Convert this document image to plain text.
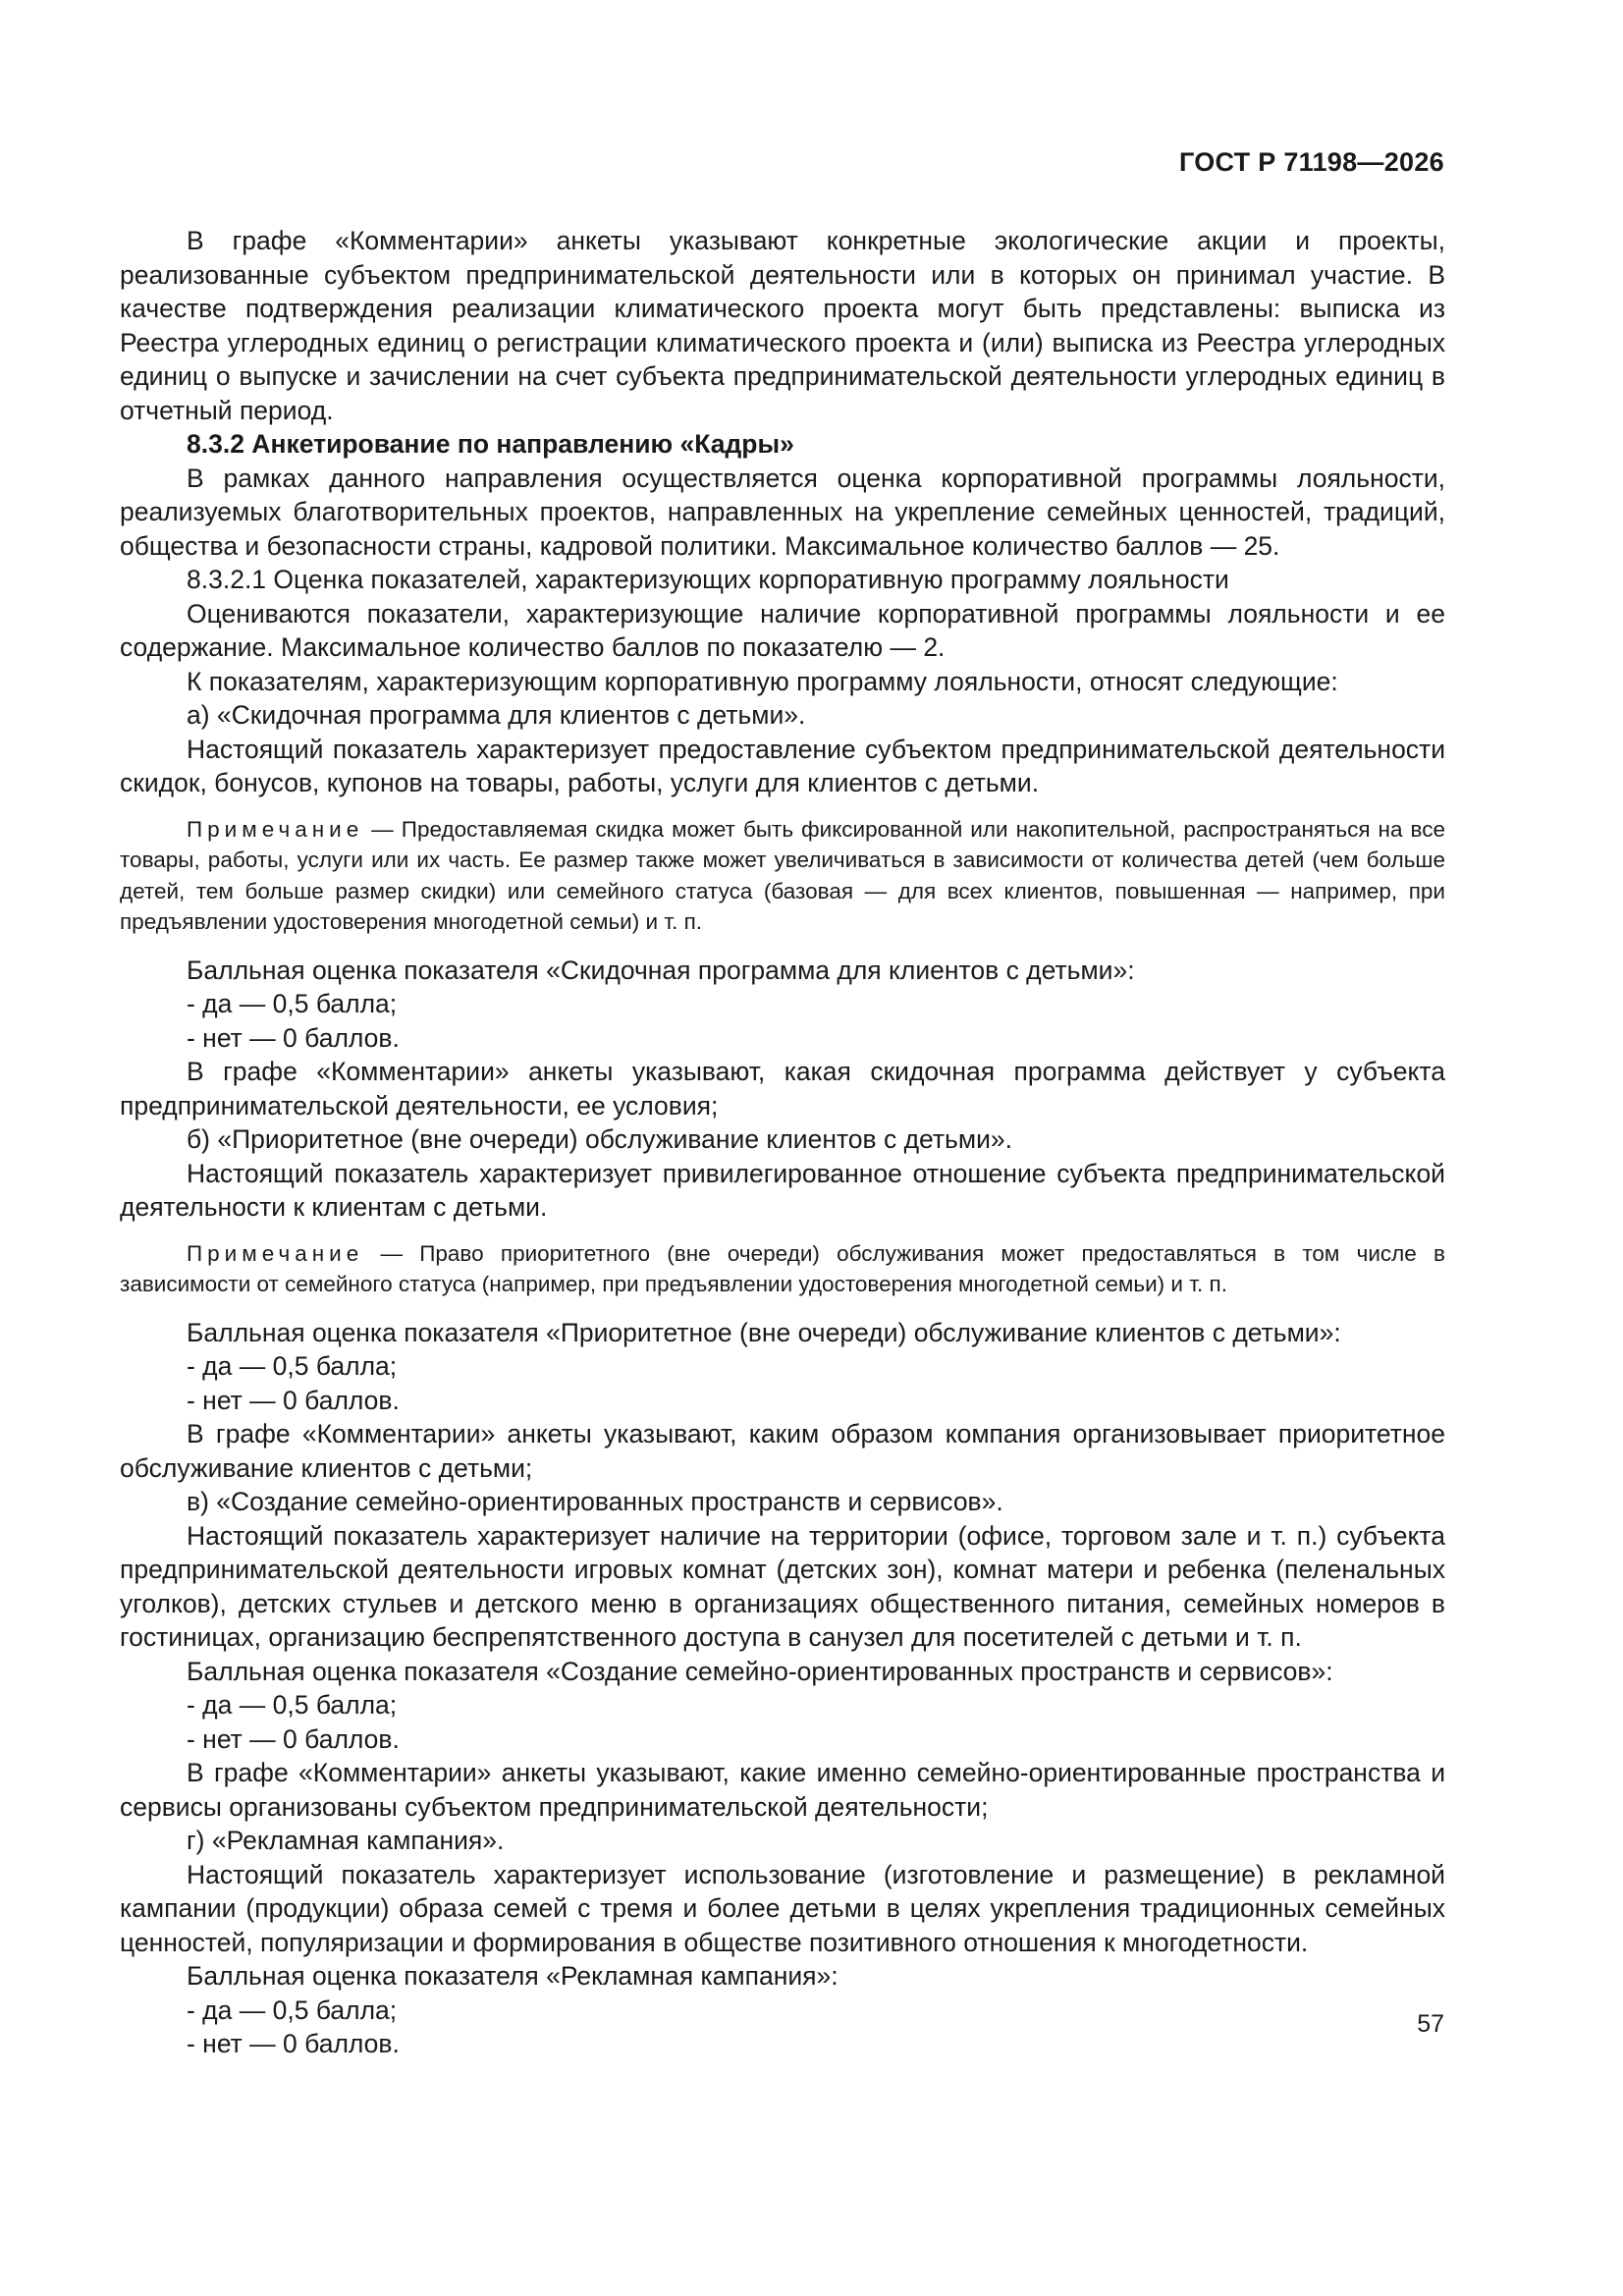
ГОСТ Р 71198—2026

В графе «Комментарии» анкеты указывают конкретные экологические акции и проекты, реализованные субъектом предпринимательской деятельности или в которых он принимал участие. В качестве подтверждения реализации климатического проекта могут быть представлены: выписка из Реестра углеродных единиц о регистрации климатического проекта и (или) выписка из Реестра углеродных единиц о выпуске и зачислении на счет субъекта предпринимательской деятельности углеродных единиц в отчетный период.

8.3.2 Анкетирование по направлению «Кадры»

В рамках данного направления осуществляется оценка корпоративной программы лояльности, реализуемых благотворительных проектов, направленных на укрепление семейных ценностей, традиций, общества и безопасности страны, кадровой политики. Максимальное количество баллов — 25.

8.3.2.1 Оценка показателей, характеризующих корпоративную программу лояльности

Оцениваются показатели, характеризующие наличие корпоративной программы лояльности и ее содержание. Максимальное количество баллов по показателю — 2.

К показателям, характеризующим корпоративную программу лояльности, относят следующие:

а) «Скидочная программа для клиентов с детьми».

Настоящий показатель характеризует предоставление субъектом предпринимательской деятельности скидок, бонусов, купонов на товары, работы, услуги для клиентов с детьми.

Примечание — Предоставляемая скидка может быть фиксированной или накопительной, распространяться на все товары, работы, услуги или их часть. Ее размер также может увеличиваться в зависимости от количества детей (чем больше детей, тем больше размер скидки) или семейного статуса (базовая — для всех клиентов, повышенная — например, при предъявлении удостоверения многодетной семьи) и т. п.

Балльная оценка показателя «Скидочная программа для клиентов с детьми»:

- да — 0,5 балла;
- нет — 0 баллов.

В графе «Комментарии» анкеты указывают, какая скидочная программа действует у субъекта предпринимательской деятельности, ее условия;

б) «Приоритетное (вне очереди) обслуживание клиентов с детьми».

Настоящий показатель характеризует привилегированное отношение субъекта предпринимательской деятельности к клиентам с детьми.

Примечание — Право приоритетного (вне очереди) обслуживания может предоставляться в том числе в зависимости от семейного статуса (например, при предъявлении удостоверения многодетной семьи) и т. п.

Балльная оценка показателя «Приоритетное (вне очереди) обслуживание клиентов с детьми»:

- да — 0,5 балла;
- нет — 0 баллов.

В графе «Комментарии» анкеты указывают, каким образом компания организовывает приоритетное обслуживание клиентов с детьми;

в) «Создание семейно-ориентированных пространств и сервисов».

Настоящий показатель характеризует наличие на территории (офисе, торговом зале и т. п.) субъекта предпринимательской деятельности игровых комнат (детских зон), комнат матери и ребенка (пеленальных уголков), детских стульев и детского меню в организациях общественного питания, семейных номеров в гостиницах, организацию беспрепятственного доступа в санузел для посетителей с детьми и т. п.

Балльная оценка показателя «Создание семейно-ориентированных пространств и сервисов»:

- да — 0,5 балла;
- нет — 0 баллов.

В графе «Комментарии» анкеты указывают, какие именно семейно-ориентированные пространства и сервисы организованы субъектом предпринимательской деятельности;

г) «Рекламная кампания».

Настоящий показатель характеризует использование (изготовление и размещение) в рекламной кампании (продукции) образа семей с тремя и более детьми в целях укрепления традиционных семейных ценностей, популяризации и формирования в обществе позитивного отношения к многодетности.

Балльная оценка показателя «Рекламная кампания»:

- да — 0,5 балла;
- нет — 0 баллов.
57
